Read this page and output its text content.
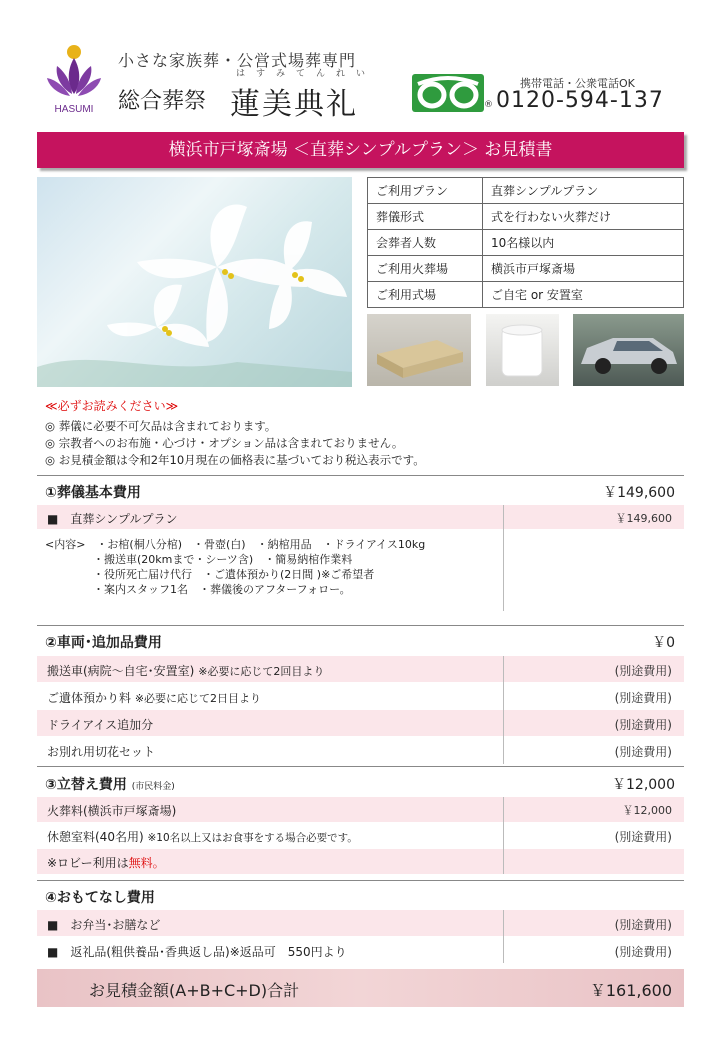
HASUMI
小さな家族葬・公営式場葬専門
はすみてんれい
総合葬祭 蓮美典礼	®
携帯電話・公衆電話OK
0120-594-137
横浜市戸塚斎場 ＜直葬シンプルプラン＞ お見積書
ご利用プラン	直葬シンプルプラン
葬儀形式	式を行わない火葬だけ
会葬者人数	10名様以内
ご利用火葬場	横浜市戸塚斎場
ご利用式場	ご自宅 or 安置室
≪必ずお読みください≫
◎ 葬儀に必要不可欠品は含まれております。
◎ 宗教者へのお布施・心づけ・オプション品は含まれておりません。
◎ お見積金額は令和2年10月現在の価格表に基づいており税込表示です。
①葬儀基本費用	￥149,600
■　直葬シンプルプラン	￥149,600
<内容>　・お棺(桐八分棺)　・骨壺(白)　・納棺用品　・ドライアイス10kg
・搬送車(20kmまで・シーツ含)　・簡易納棺作業料
・役所死亡届け代行　・ご遺体預かり(2日間 )※ご希望者
・案内スタッフ1名　・葬儀後のアフターフォロー。
②車両･追加品費用	￥0
搬送車(病院～自宅･安置室) ※必要に応じて2回目より	(別途費用)
ご遺体預かり料 ※必要に応じて2日目より	(別途費用)
ドライアイス追加分	(別途費用)
お別れ用切花セット	(別途費用)
③立替え費用 (市民料金)	￥12,000
火葬料(横浜市戸塚斎場)	￥12,000
休憩室料(40名用) ※10名以上又はお食事をする場合必要です。	(別途費用)
※ロビー利用は無料。
④おもてなし費用
■　お弁当･お膳など	(別途費用)
■　返礼品(粗供養品･香典返し品)※返品可　550円より	(別途費用)
お見積金額(A+B+C+D)合計	￥161,600
